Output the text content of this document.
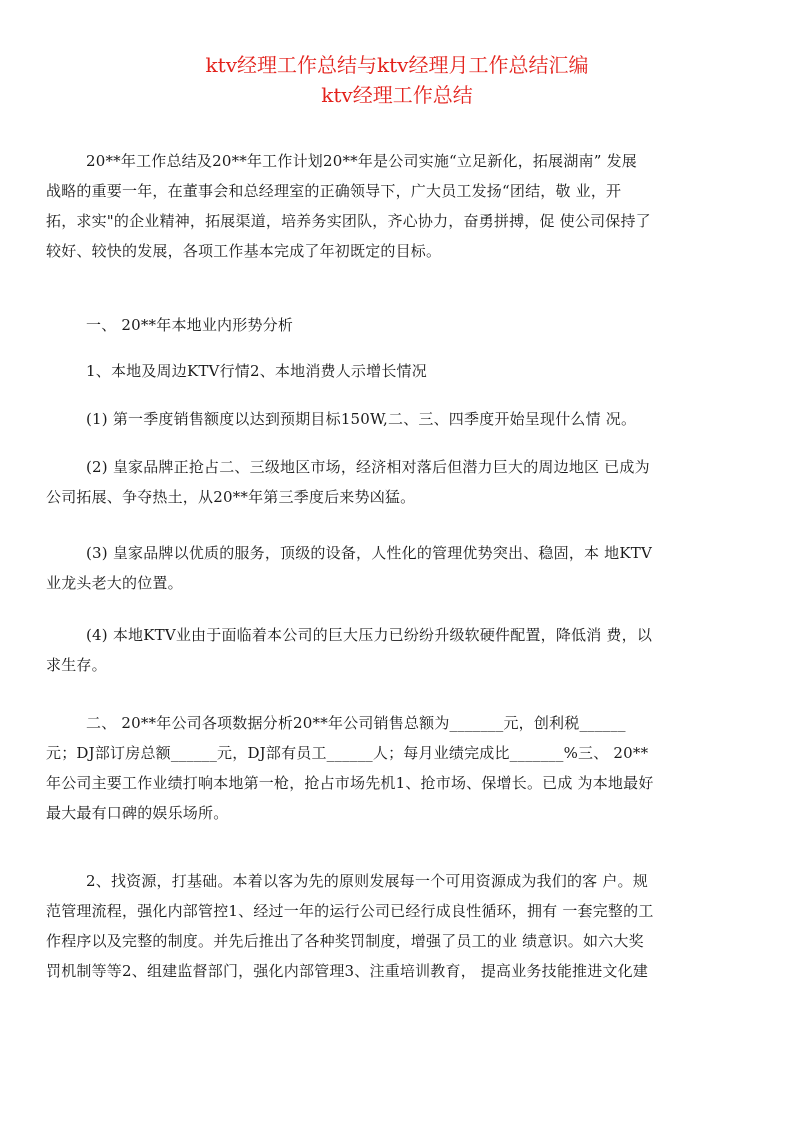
ktv经理工作总结与ktv经理月工作总结汇编
ktv经理工作总结
20**年工作总结及20**年工作计划20**年是公司实施“立足新化，拓展湖南” 发展
战略的重要一年，在董事会和总经理室的正确领导下，广大员工发扬“团结，敬 业，开
拓，求实"的企业精神，拓展渠道，培养务实团队，齐心协力，奋勇拼搏，促 使公司保持了
较好、较快的发展，各项工作基本完成了年初既定的目标。
一、 20**年本地业内形势分析
1、本地及周边KTV行情2、本地消费人示增长情况
(1) 第一季度销售额度以达到预期目标150W,二、三、四季度开始呈现什么情 况。
(2) 皇家品牌正抢占二、三级地区市场，经济相对落后但潜力巨大的周边地区 已成为
公司拓展、争夺热土，从20**年第三季度后来势凶猛。
(3) 皇家品牌以优质的服务，顶级的设备，人性化的管理优势突出、稳固，本 地KTV
业龙头老大的位置。
(4) 本地KTV业由于面临着本公司的巨大压力已纷纷升级软硬件配置，降低消 费，以
求生存。
二、 20**年公司各项数据分析20**年公司销售总额为_______元，创利税______
元；DJ部订房总额______元，DJ部有员工______人；每月业绩完成比_______%三、 20**
年公司主要工作业绩打响本地第一枪，抢占市场先机1、抢市场、保增长。已成 为本地最好
最大最有口碑的娱乐场所。
2、找资源，打基础。本着以客为先的原则发展每一个可用资源成为我们的客 户。规
范管理流程，强化内部管控1、经过一年的运行公司已经行成良性循环，拥有 一套完整的工
作程序以及完整的制度。并先后推出了各种奖罚制度，增强了员工的业 绩意识。如六大奖
罚机制等等2、组建监督部门，强化内部管理3、注重培训教育， 提高业务技能推进文化建
